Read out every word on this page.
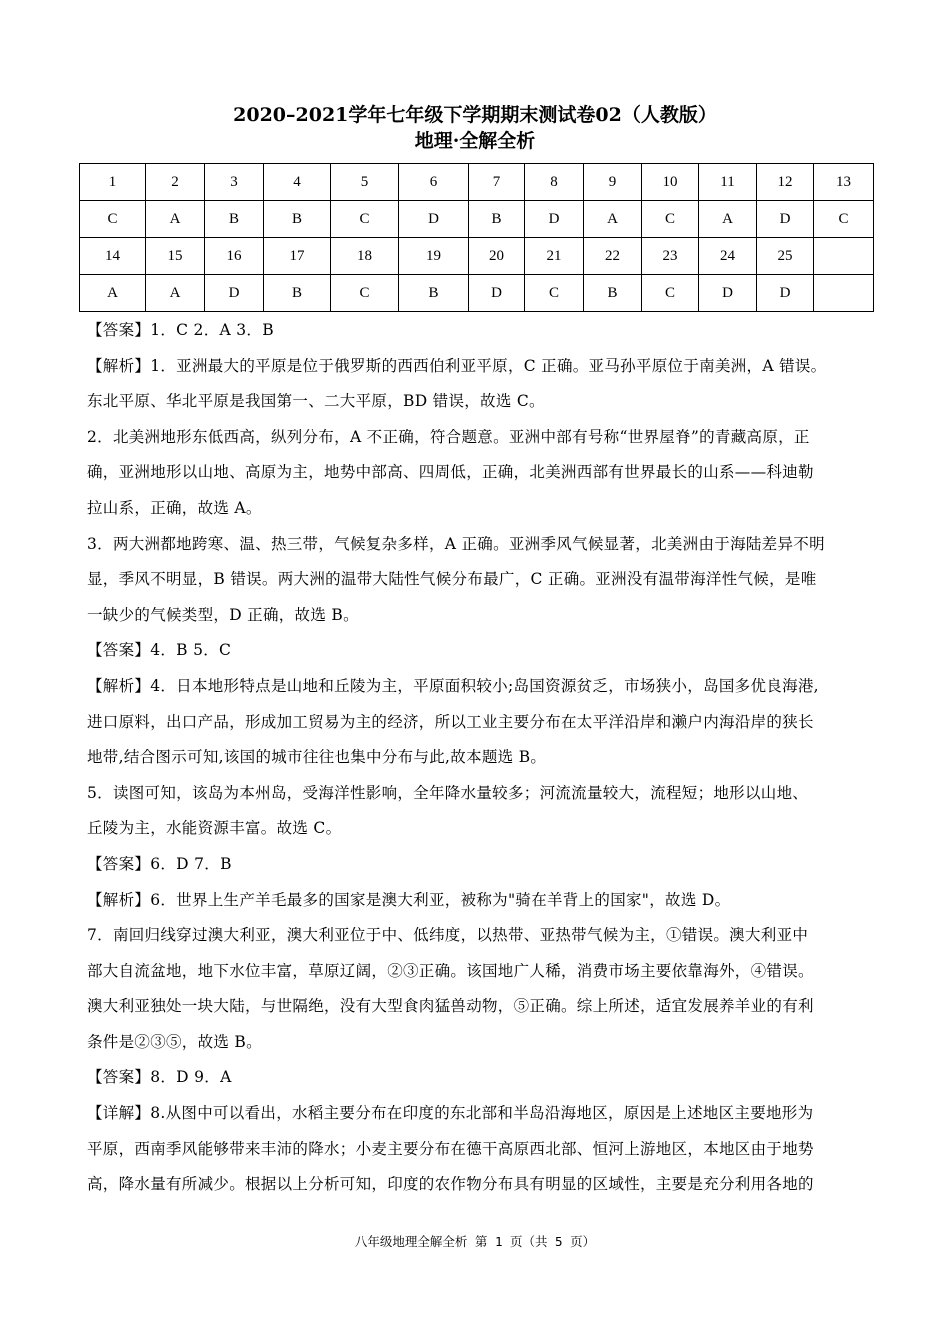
2020–2021学年七年级下学期期末测试卷02（人教版）
地理·全解全析
1	2	3	4	5	6	7	8	9	10	11	12	13
C	A	B	B	C	D	B	D	A	C	A	D	C
14	15	16	17	18	19	20	21	22	23	24	25	
A	A	D	B	C	B	D	C	B	C	D	D	

【答案】1．C 2．A 3．B

【解析】1．亚洲最大的平原是位于俄罗斯的西西伯利亚平原，C 正确。亚马孙平原位于南美洲，A 错误。

东北平原、华北平原是我国第一、二大平原，BD 错误，故选 C。

2．北美洲地形东低西高，纵列分布，A 不正确，符合题意。亚洲中部有号称“世界屋脊”的青藏高原，正

确，亚洲地形以山地、高原为主，地势中部高、四周低，正确，北美洲西部有世界最长的山系——科迪勒

拉山系，正确，故选 A。

3．两大洲都地跨寒、温、热三带，气候复杂多样，A 正确。亚洲季风气候显著，北美洲由于海陆差异不明

显，季风不明显，B 错误。两大洲的温带大陆性气候分布最广，C 正确。亚洲没有温带海洋性气候，是唯

一缺少的气候类型，D 正确，故选 B。

【答案】4．B 5．C

【解析】4．日本地形特点是山地和丘陵为主，平原面积较小;岛国资源贫乏，市场狭小，岛国多优良海港,

进口原料，出口产品，形成加工贸易为主的经济，所以工业主要分布在太平洋沿岸和濑户内海沿岸的狭长

地带,结合图示可知,该国的城市往往也集中分布与此,故本题选 B。

5．读图可知，该岛为本州岛，受海洋性影响，全年降水量较多；河流流量较大，流程短；地形以山地、

丘陵为主，水能资源丰富。故选 C。

【答案】6．D 7．B

【解析】6．世界上生产羊毛最多的国家是澳大利亚，被称为"骑在羊背上的国家"，故选 D。

7．南回归线穿过澳大利亚，澳大利亚位于中、低纬度，以热带、亚热带气候为主，①错误。澳大利亚中

部大自流盆地，地下水位丰富，草原辽阔，②③正确。该国地广人稀，消费市场主要依靠海外，④错误。

澳大利亚独处一块大陆，与世隔绝，没有大型食肉猛兽动物，⑤正确。综上所述，适宜发展养羊业的有利

条件是②③⑤，故选 B。

【答案】8．D 9．A

【详解】8.从图中可以看出，水稻主要分布在印度的东北部和半岛沿海地区，原因是上述地区主要地形为

平原，西南季风能够带来丰沛的降水；小麦主要分布在德干高原西北部、恒河上游地区，本地区由于地势

高，降水量有所减少。根据以上分析可知，印度的农作物分布具有明显的区域性，主要是充分利用各地的

八年级地理全解全析 第 1 页（共 5 页）
